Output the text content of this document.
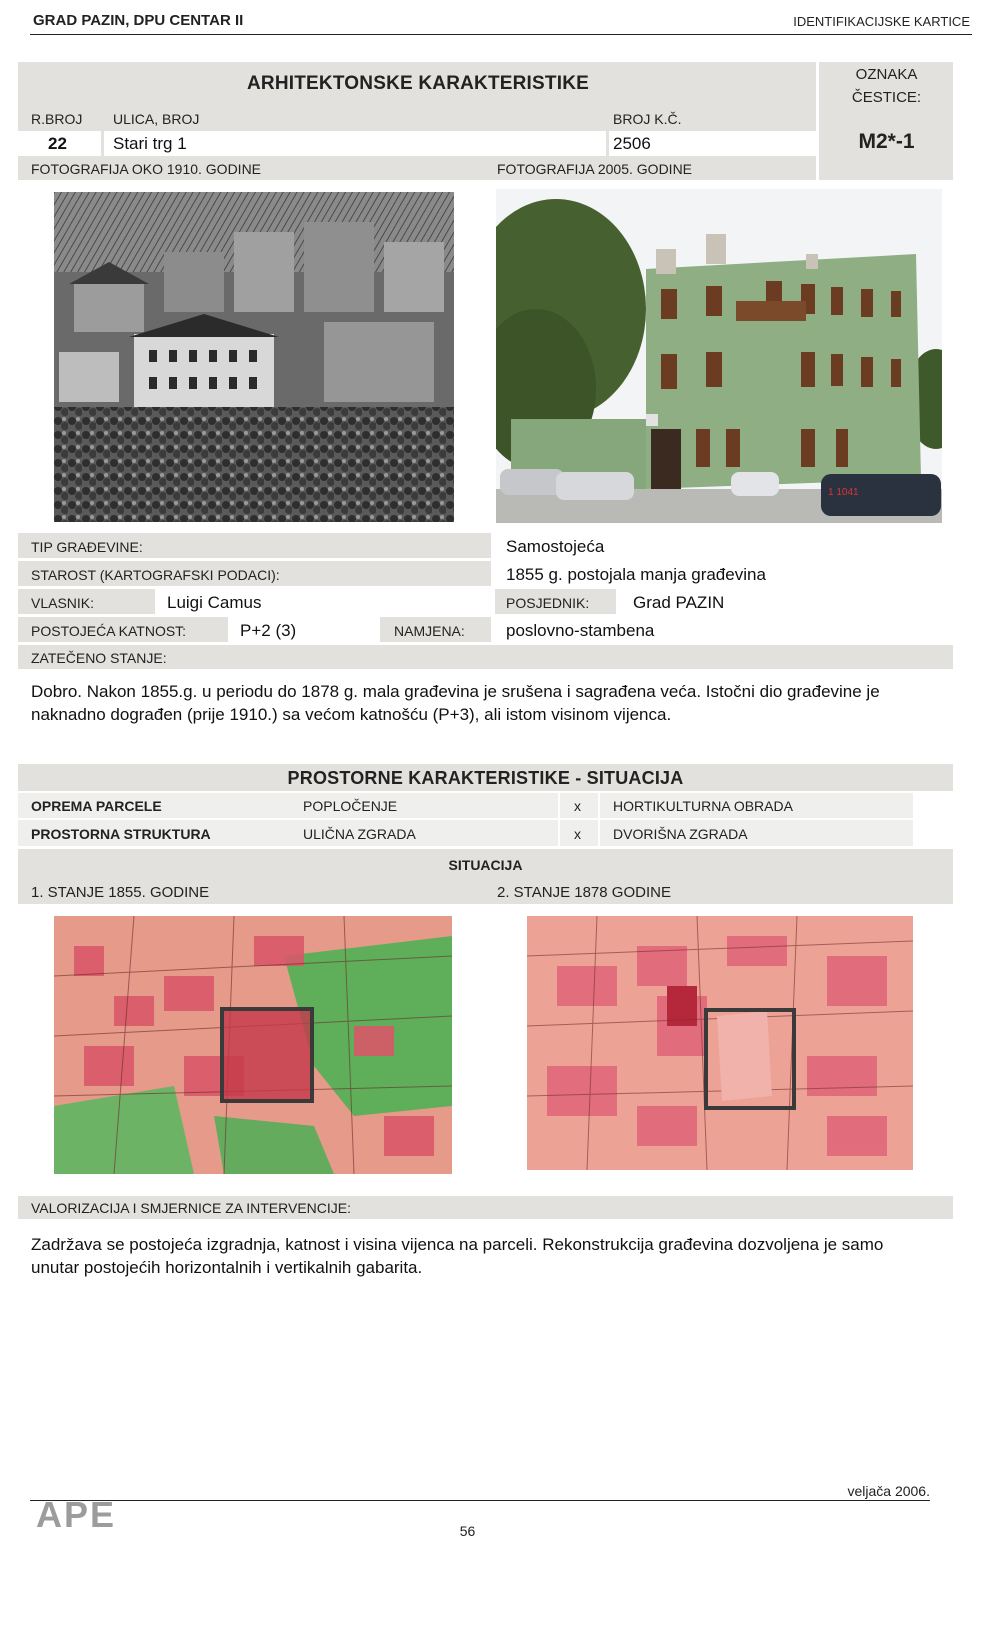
GRAD PAZIN, DPU CENTAR II	IDENTIFIKACIJSKE KARTICE
ARHITEKTONSKE KARAKTERISTIKE	OZNAKA
ČESTICE:
M2*-1
R.BROJ ULICA, BROJ	BROJ K.Č.
22	Stari trg 1	2506
FOTOGRAFIJA OKO 1910. GODINE	FOTOGRAFIJA 2005. GODINE
1 1041
TIP GRAĐEVINE:	Samostojeća
STAROST (KARTOGRAFSKI PODACI):	1855 g. postojala manja građevina
VLASNIK:	Luigi Camus	POSJEDNIK:	Grad PAZIN
POSTOJEĆA KATNOST:	P+2 (3)	NAMJENA: poslovno-stambena
ZATEČENO STANJE:
Dobro. Nakon 1855.g. u periodu do 1878 g. mala građevina je srušena i sagrađena veća. Istočni dio građevine je naknadno dograđen (prije 1910.) sa većom katnošću (P+3), ali istom visinom vijenca.
PROSTORNE KARAKTERISTIKE - SITUACIJA
OPREMA PARCELE	POPLOČENJE	x HORTIKULTURNA OBRADA
PROSTORNA STRUKTURA	ULIČNA ZGRADA	x DVORIŠNA ZGRADA
SITUACIJA
1. STANJE 1855. GODINE	2. STANJE 1878 GODINE
VALORIZACIJA I SMJERNICE ZA INTERVENCIJE:
Zadržava se postojeća izgradnja, katnost i visina vijenca na parceli. Rekonstrukcija građevina dozvoljena je samo unutar postojećih horizontalnih i vertikalnih gabarita.
veljača 2006.
APE	56
